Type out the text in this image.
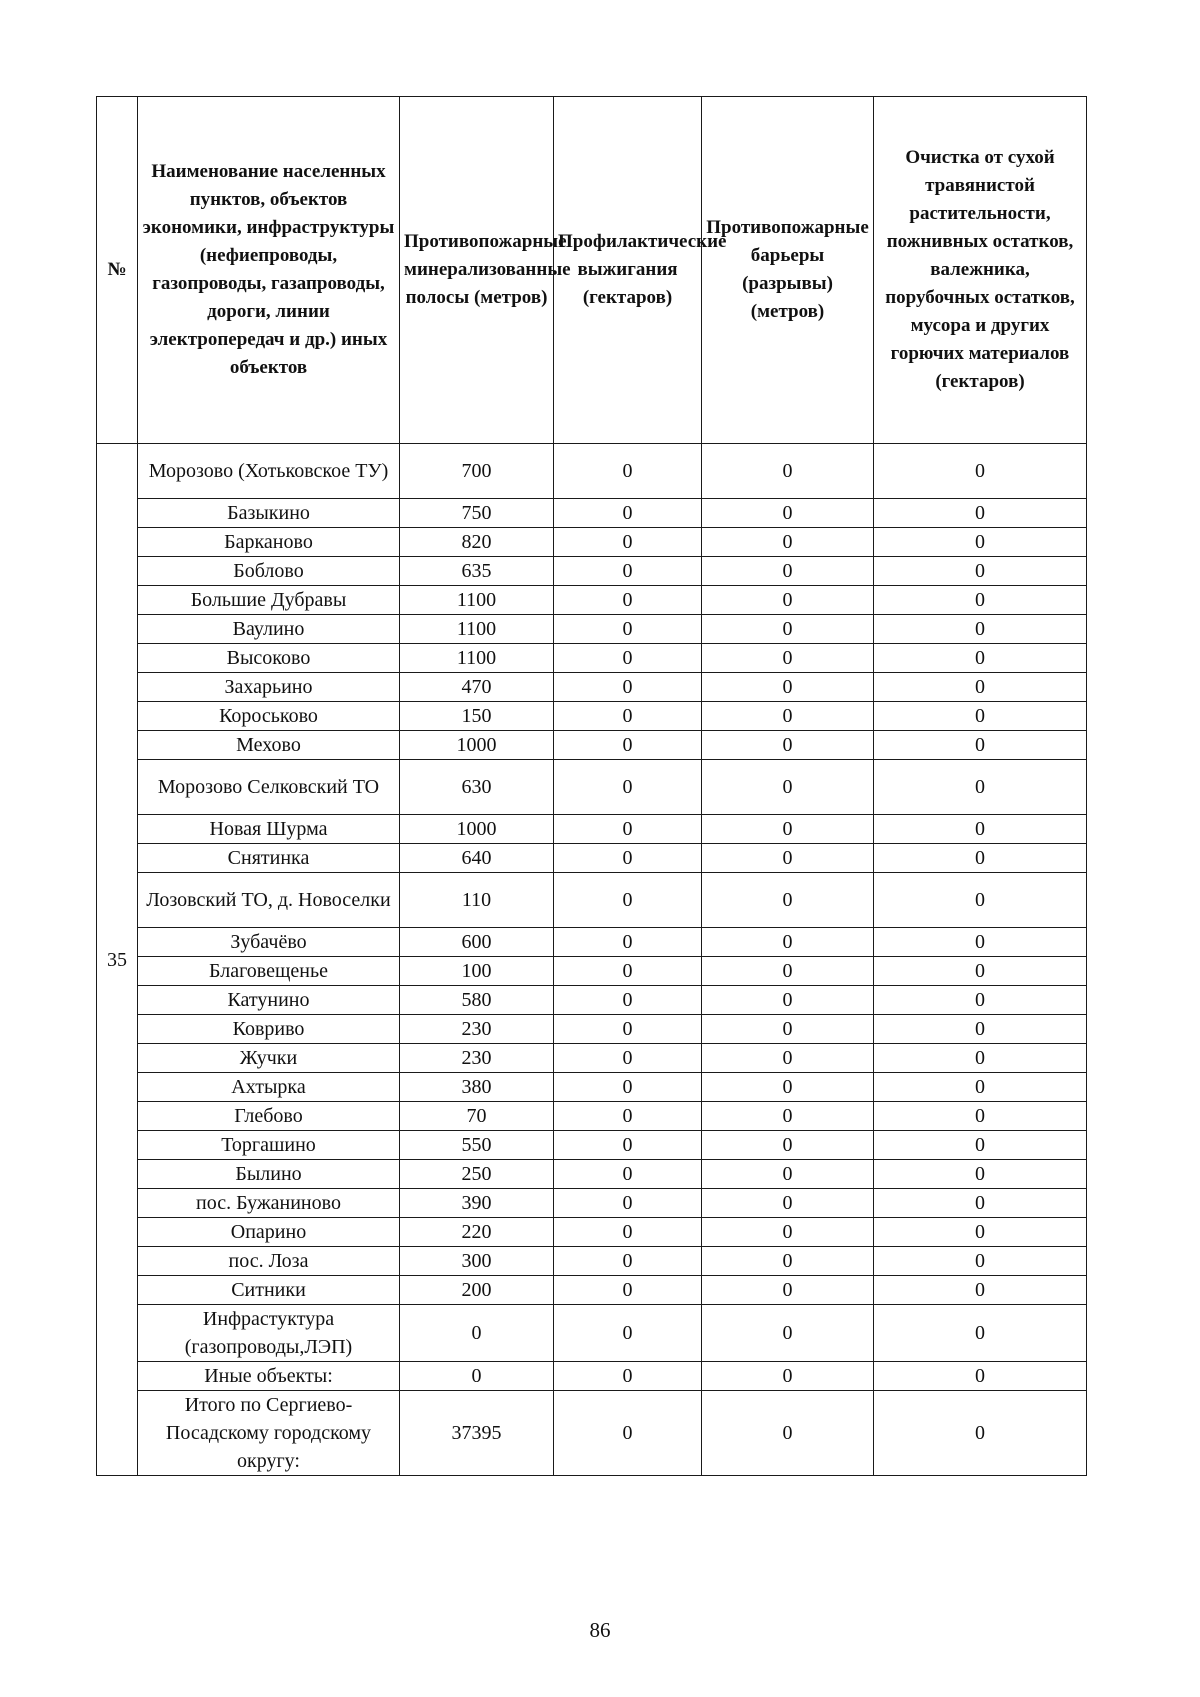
№	Наименование населенных пунктов, объектов экономики, инфраструктуры (нефиепроводы, газопроводы, газапроводы, дороги, линии электропередач и др.) иных объектов	Противопожарные минерализованные полосы (метров)	Профилактические выжигания (гектаров)	Противопожарные барьеры (разрывы) (метров)	Очистка от сухой травянистой растительности, пожнивных остатков, валежника, порубочных остатков, мусора и других горючих материалов (гектаров)
35	Морозово (Хотьковское ТУ)	700	0	0	0
	Базыкино	750	0	0	0
	Барканово	820	0	0	0
	Боблово	635	0	0	0
	Большие Дубравы	1100	0	0	0
	Ваулино	1100	0	0	0
	Высоково	1100	0	0	0
	Захарьино	470	0	0	0
	Короськово	150	0	0	0
	Мехово	1000	0	0	0
	Морозово Селковский ТО	630	0	0	0
	Новая Шурма	1000	0	0	0
	Снятинка	640	0	0	0
	Лозовский ТО, д. Новоселки	110	0	0	0
	Зубачёво	600	0	0	0
	Благовещенье	100	0	0	0
	Катунино	580	0	0	0
	Ковриво	230	0	0	0
	Жучки	230	0	0	0
	Ахтырка	380	0	0	0
	Глебово	70	0	0	0
	Торгашино	550	0	0	0
	Былино	250	0	0	0
	пос. Бужаниново	390	0	0	0
	Опарино	220	0	0	0
	пос. Лоза	300	0	0	0
	Ситники	200	0	0	0
	Инфрастуктура (газопроводы,ЛЭП)	0	0	0	0
	Иные объекты:	0	0	0	0
	Итого по Сергиево-Посадскому городскому округу:	37395	0	0	0
86
